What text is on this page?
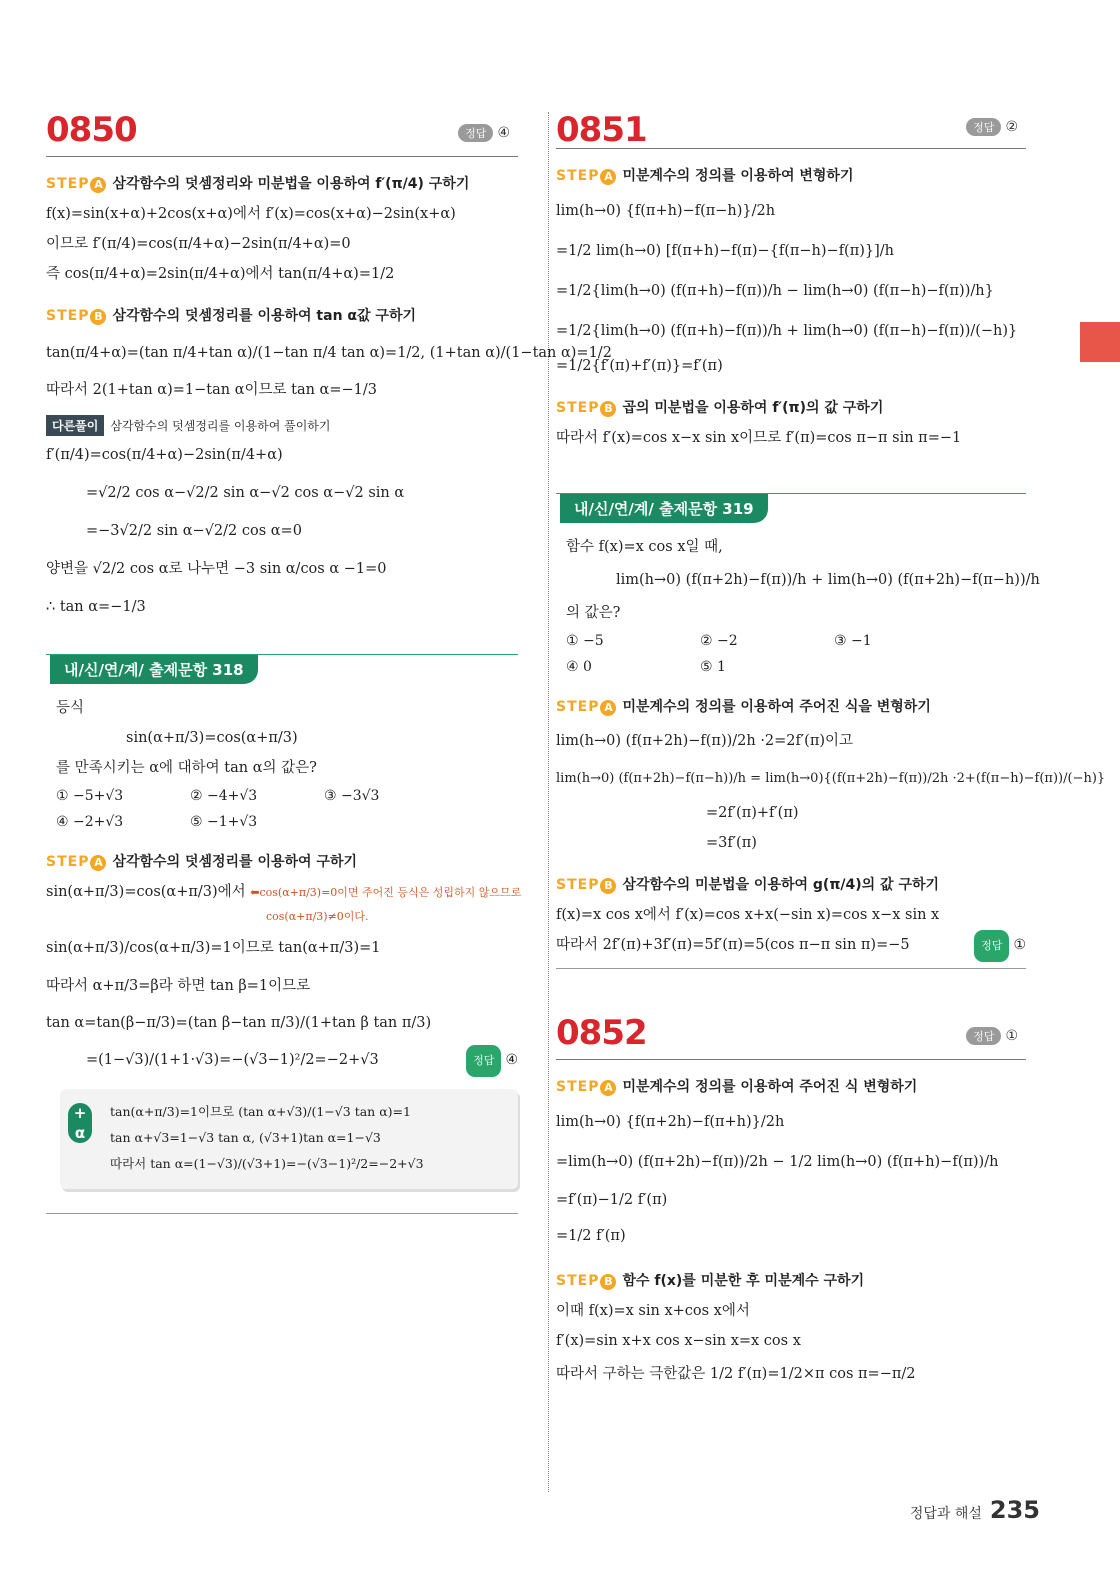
0850	정답 ④
STEP A 삼각함수의 덧셈정리와 미분법을 이용하여 f′(π/4) 구하기

f(x)=sin(x+α)+2cos(x+α)에서 f′(x)=cos(x+α)−2sin(x+α)

이므로 f′(π/4)=cos(π/4+α)−2sin(π/4+α)=0

즉 cos(π/4+α)=2sin(π/4+α)에서 tan(π/4+α)=1/2

STEP B 삼각함수의 덧셈정리를 이용하여 tan α값 구하기

tan(π/4+α)=(tan π/4+tan α)/(1−tan π/4 tan α)=1/2, (1+tan α)/(1−tan α)=1/2

따라서 2(1+tan α)=1−tan α이므로 tan α=−1/3

다른풀이 삼각함수의 덧셈정리를 이용하여 풀이하기

f′(π/4)=cos(π/4+α)−2sin(π/4+α)

=√2/2 cos α−√2/2 sin α−√2 cos α−√2 sin α

=−3√2/2 sin α−√2/2 cos α=0

양변을 √2/2 cos α로 나누면 −3 sin α/cos α −1=0

∴ tan α=−1/3

내/신/연/계/ 출제문항 318

등식

sin(α+π/3)=cos(α+π/3)

를 만족시키는 α에 대하여 tan α의 값은?

① −5+√3	② −4+√3	③ −3√3
④ −2+√3	⑤ −1+√3
STEP A 삼각함수의 덧셈정리를 이용하여 구하기

sin(α+π/3)=cos(α+π/3)에서 ⬅cos(α+π/3)=0이면 주어진 등식은 성립하지 않으므로

cos(α+π/3)≠0이다.

sin(α+π/3)/cos(α+π/3)=1이므로 tan(α+π/3)=1

따라서 α+π/3=β라 하면 tan β=1이므로

tan α=tan(β−π/3)=(tan β−tan π/3)/(1+tan β tan π/3)

=(1−√3)/(1+1·√3)=−(√3−1)²/2=−2+√3	정답 ④

+
α

tan(α+π/3)=1이므로 (tan α+√3)/(1−√3 tan α)=1

tan α+√3=1−√3 tan α, (√3+1)tan α=1−√3

따라서 tan α=(1−√3)/(√3+1)=−(√3−1)²/2=−2+√3

0851	정답 ②
STEP A 미분계수의 정의를 이용하여 변형하기

lim(h→0) {f(π+h)−f(π−h)}/2h

=1/2 lim(h→0) [f(π+h)−f(π)−{f(π−h)−f(π)}]/h

=1/2{lim(h→0) (f(π+h)−f(π))/h − lim(h→0) (f(π−h)−f(π))/h}

=1/2{lim(h→0) (f(π+h)−f(π))/h + lim(h→0) (f(π−h)−f(π))/(−h)}

=1/2{f′(π)+f′(π)}=f′(π)

STEP B 곱의 미분법을 이용하여 f′(π)의 값 구하기

따라서 f′(x)=cos x−x sin x이므로 f′(π)=cos π−π sin π=−1

내/신/연/계/ 출제문항 319

함수 f(x)=x cos x일 때,

lim(h→0) (f(π+2h)−f(π))/h + lim(h→0) (f(π+2h)−f(π−h))/h

의 값은?

① −5	② −2	③ −1
④ 0	⑤ 1
STEP A 미분계수의 정의를 이용하여 주어진 식을 변형하기

lim(h→0) (f(π+2h)−f(π))/2h ·2=2f′(π)이고

lim(h→0) (f(π+2h)−f(π−h))/h = lim(h→0){(f(π+2h)−f(π))/2h ·2+(f(π−h)−f(π))/(−h)}

=2f′(π)+f′(π)

=3f′(π)

STEP B 삼각함수의 미분법을 이용하여 g(π/4)의 값 구하기

f(x)=x cos x에서 f′(x)=cos x+x(−sin x)=cos x−x sin x

따라서 2f′(π)+3f′(π)=5f′(π)=5(cos π−π sin π)=−5	정답 ①

0852	정답 ①
STEP A 미분계수의 정의를 이용하여 주어진 식 변형하기

lim(h→0) {f(π+2h)−f(π+h)}/2h

=lim(h→0) (f(π+2h)−f(π))/2h − 1/2 lim(h→0) (f(π+h)−f(π))/h

=f′(π)−1/2 f′(π)

=1/2 f′(π)

STEP B 함수 f(x)를 미분한 후 미분계수 구하기

이때 f(x)=x sin x+cos x에서

f′(x)=sin x+x cos x−sin x=x cos x

따라서 구하는 극한값은 1/2 f′(π)=1/2×π cos π=−π/2

정답과 해설 235
